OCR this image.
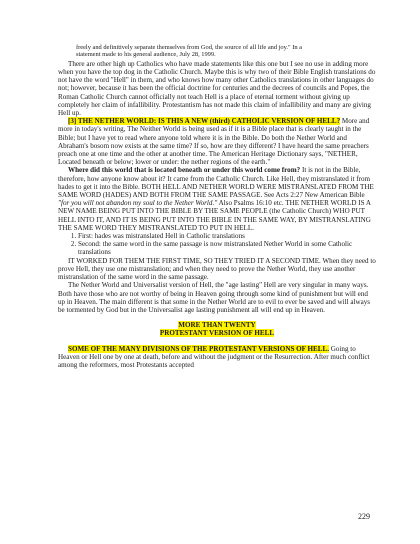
freely and definitively separate themselves from God, the source of all life and joy." In a
statement made to his general audience, July 28, 1999.

There are other high up Catholics who have made statements like this one but I see no use in adding more when you have the top dog in the Catholic Church. Maybe this is why two of their Bible English translations do not have the word "Hell" in them, and who knows how many other Catholics translations in other languages do not; however, because it has been the official doctrine for centuries and the decrees of councils and Popes, the Roman Catholic Church cannot officially not teach Hell is a place of eternal torment without giving up completely her claim of infallibility. Protestantism has not made this claim of infallibility and many are giving Hell up.

[3] THE NETHER WORLD: IS THIS A NEW (third) CATHOLIC VERSION OF HELL? More and more in today's writing, The Neither World is being used as if it is a Bible place that is clearly taught in the Bible; but I have yet to read where anyone told where it is in the Bible. Do both the Nether World and Abraham's bosom now exists at the same time? If so, how are they different? I have heard the same preachers preach one at one time and the other at another time. The American Heritage Dictionary says, "NETHER, Located beneath or below; lower or under: the nether regions of the earth."

Where did this world that is located beneath or under this world come from? It is not in the Bible, therefore, how anyone know about it? It came from the Catholic Church. Like Hell, they mistranslated it from hades to get it into the Bible. BOTH HELL AND NETHER WORLD WERE MISTRANSLATED FROM THE SAME WORD (HADES) AND BOTH FROM THE SAME PASSAGE. See Acts 2:27 New American Bible "for you will not abandon my soul to the Nether World." Also Psalms 16:10 etc. THE NETHER WORLD IS A NEW NAME BEING PUT INTO THE BIBLE BY THE SAME PEOPLE (the Catholic Church) WHO PUT HELL INTO IT, AND IT IS BEING PUT INTO THE BIBLE IN THE SAME WAY, BY MISTRANSLATING THE SAME WORD THEY MISTRANSLATED TO PUT IN HELL.

1. First: hades was mistranslated Hell in Catholic translations
2. Second: the same word in the same passage is now mistranslated Nether World in some Catholic translations

IT WORKED FOR THEM THE FIRST TIME, SO THEY TRIED IT A SECOND TIME. When they need to prove Hell, they use one mistranslation; and when they need to prove the Nether World, they use another mistranslation of the same word in the same passage.

The Nether World and Universalist version of Hell, the "age lasting" Hell are very singular in many ways. Both have those who are not worthy of being in Heaven going through some kind of punishment but will end up in Heaven. The main different is that some in the Nether World are to evil to ever be saved and will always be tormented by God but in the Universalist age lasting punishment all will end up in Heaven.

MORE THAN TWENTY

PROTESTANT VERSION OF HELL

SOME OF THE MANY DIVISIONS OF THE PROTESTANT VERSIONS OF HELL. Going to Heaven or Hell one by one at death, before and without the judgment or the Resurrection. After much conflict among the reformers, most Protestants accepted

229
